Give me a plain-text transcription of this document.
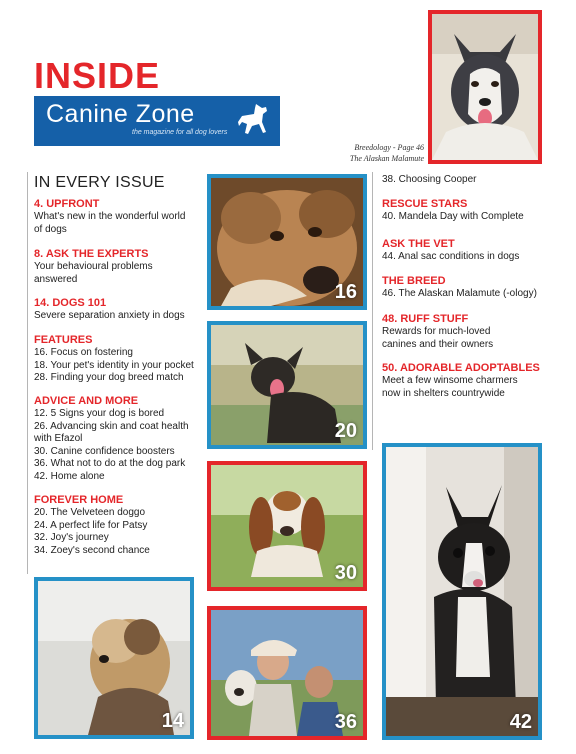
INSIDE
Canine Zone
the magazine for all dog lovers
Breedology - Page 46
The Alaskan Malamute
IN EVERY ISSUE
4. UPFRONT
What's new in the wonderful world
of dogs
8. ASK THE EXPERTS
Your behavioural problems
answered
14. DOGS 101
Severe separation anxiety in dogs
FEATURES
16. Focus on fostering
18. Your pet's identity in your pocket
28. Finding your dog breed match
ADVICE AND MORE
12. 5 Signs your dog is bored
26. Advancing skin and coat health
with Efazol
30. Canine confidence boosters
36. What not to do at the dog park
42. Home alone
FOREVER HOME
20. The Velveteen doggo
24. A perfect life for Patsy
32. Joy's journey
34. Zoey's second chance
38. Choosing Cooper
RESCUE STARS
40. Mandela Day with Complete
ASK THE VET
44. Anal sac conditions in dogs
THE BREED
46. The Alaskan Malamute (-ology)
48. RUFF STUFF
Rewards for much-loved
canines and their owners
50. ADORABLE ADOPTABLES
Meet a few winsome charmers
now in shelters countrywide
16
20
30
14	36	42
